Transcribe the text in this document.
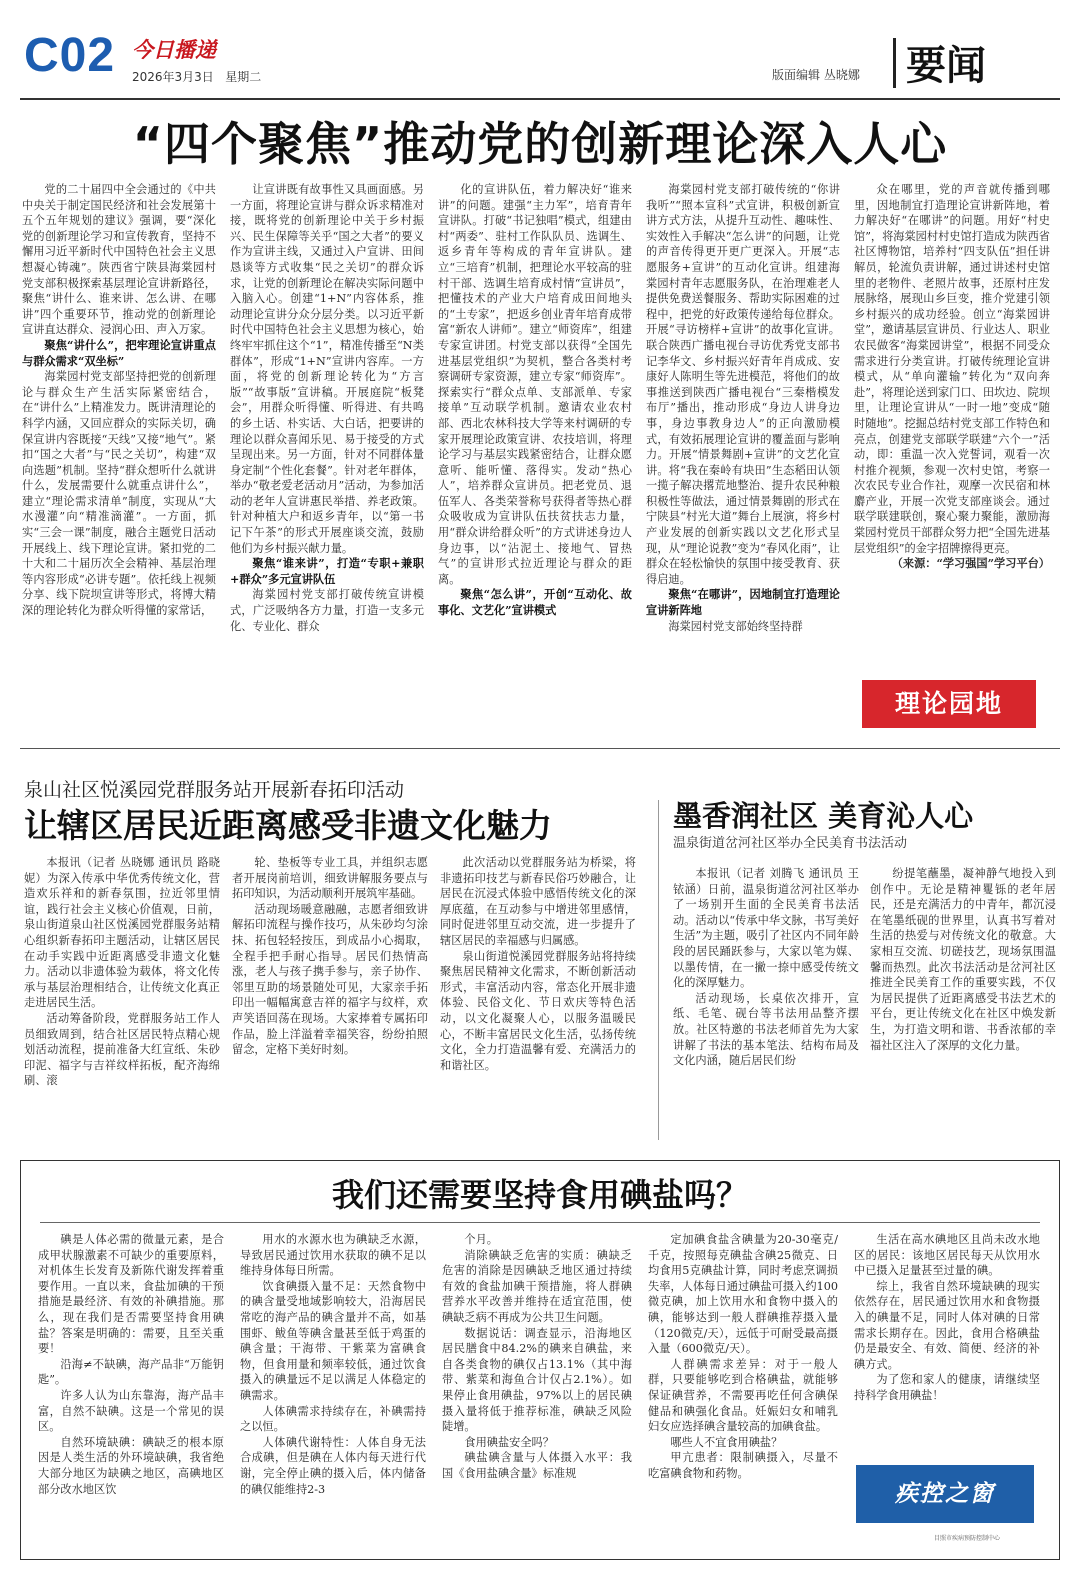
C02 今日播递
2026年3月3日 星期二	版面编辑 丛晓娜 要闻
“四个聚焦”推动党的创新理论深入人心

党的二十届四中全会通过的《中共中央关于制定国民经济和社会发展第十五个五年规划的建议》强调，要“深化党的创新理论学习和宣传教育，坚持不懈用习近平新时代中国特色社会主义思想凝心铸魂”。陕西省宁陕县海棠园村党支部积极探索基层理论宣讲新路径，聚焦“讲什么、谁来讲、怎么讲、在哪讲”四个重要环节，推动党的创新理论宣讲直达群众、浸润心田、声入万家。

聚焦“讲什么”，把牢理论宣讲重点与群众需求“双坐标”

海棠园村党支部坚持把党的创新理论与群众生产生活实际紧密结合，在“讲什么”上精准发力。既讲清理论的科学内涵，又回应群众的实际关切，确保宣讲内容既接“天线”又接“地气”。紧扣“国之大者”与“民之关切”，构建“双向选题”机制。坚持“群众想听什么就讲什么，发展需要什么就重点讲什么”，建立“理论需求清单”制度，实现从“大水漫灌”向“精准滴灌”。一方面，抓实“三会一课”制度，融合主题党日活动开展线上、线下理论宣讲。紧扣党的二十大和二十届历次全会精神、基层治理等内容形成“必讲专题”。依托线上视频分享、线下院坝宣讲等形式，将博大精深的理论转化为群众听得懂的家常话，

让宣讲既有故事性又具画面感。另一方面，将理论宣讲与群众诉求精准对接，既将党的创新理论中关于乡村振兴、民生保障等关乎“国之大者”的要义作为宣讲主线，又通过入户宣讲、田间恳谈等方式收集“民之关切”的群众诉求，让党的创新理论在解决实际问题中入脑入心。创建“1+N”内容体系，推动理论宣讲分众分层分类。以习近平新时代中国特色社会主义思想为核心，始终牢牢抓住这个“1”，精准传播至“N类群体”，形成“1+N”宣讲内容库。一方面，将党的创新理论转化为“方言版”“故事版”宣讲稿。开展庭院“板凳会”，用群众听得懂、听得进、有共鸣的乡土话、朴实话、大白话，把要讲的理论以群众喜闻乐见、易于接受的方式呈现出来。另一方面，针对不同群体量身定制“个性化套餐”。针对老年群体，举办“敬老爱老活动月”活动，为参加活动的老年人宣讲惠民举措、养老政策。针对种植大户和返乡青年，以“第一书记下午茶”的形式开展座谈交流，鼓励他们为乡村振兴献力量。

聚焦“谁来讲”，打造“专职+兼职+群众”多元宣讲队伍

海棠园村党支部打破传统宣讲模式，广泛吸纳各方力量，打造一支多元化、专业化、群众

化的宣讲队伍，着力解决好“谁来讲”的问题。建强“主力军”，培育青年宣讲队。打破“书记独唱”模式，组建由村“两委”、驻村工作队队员、选调生、返乡青年等构成的青年宣讲队。建立“三培育”机制，把理论水平较高的驻村干部、选调生培育成村情“宣讲员”，把懂技术的产业大户培育成田间地头的“土专家”，把返乡创业青年培育成带富“新农人讲师”。建立“师资库”，组建专家宣讲团。村党支部以获得“全国先进基层党组织”为契机，整合各类村考察调研专家资源，建立专家“师资库”。探索实行“群众点单、支部派单、专家接单”互动联学机制。邀请农业农村部、西北农林科技大学等来村调研的专家开展理论政策宣讲、农技培训，将理论学习与基层实践紧密结合，让群众愿意听、能听懂、落得实。发动“热心人”，培养群众宣讲员。把老党员、退伍军人、各类荣誉称号获得者等热心群众吸收成为宣讲队伍扶贫扶志力量，用“群众讲给群众听”的方式讲述身边人身边事，以“沾泥土、接地气、冒热气”的宣讲形式拉近理论与群众的距离。

聚焦“怎么讲”，开创“互动化、故事化、文艺化”宣讲模式

海棠园村党支部打破传统的“你讲我听”“照本宣科”式宣讲，积极创新宣讲方式方法，从提升互动性、趣味性、实效性入手解决“怎么讲”的问题，让党的声音传得更开更广更深入。开展“志愿服务+宣讲”的互动化宣讲。组建海棠园村青年志愿服务队，在治理难老人提供免费送餐服务、帮助实际困难的过程中，把党的好政策传递给每位群众。开展“寻访榜样+宣讲”的故事化宣讲。联合陕西广播电视台寻访优秀党支部书记李华文、乡村振兴好青年肖成成、安康好人陈明生等先进模范，将他们的故事推送到陕西广播电视台“三秦楷模发布厅”播出，推动形成“身边人讲身边事，身边事教身边人”的正向激励模式，有效拓展理论宣讲的覆盖面与影响力。开展“情景舞剧+宣讲”的文艺化宣讲。将“我在秦岭有块田”生态稻田认领一揽子解决撂荒地整治、提升农民种粮积极性等做法，通过情景舞剧的形式在宁陕县“村光大道”舞台上展演，将乡村产业发展的创新实践以文艺化形式呈现，从“理论说教”变为“春风化雨”，让群众在轻松愉快的氛围中接受教育、获得启迪。

聚焦“在哪讲”，因地制宜打造理论宣讲新阵地

海棠园村党支部始终坚持群

众在哪里，党的声音就传播到哪里，因地制宜打造理论宣讲新阵地，着力解决好“在哪讲”的问题。用好“村史馆”，将海棠园村村史馆打造成为陕西省社区博物馆，培养村“四支队伍”担任讲解员，轮流负责讲解，通过讲述村史馆里的老物件、老照片故事，还原村庄发展脉络，展现山乡巨变，推介党建引领乡村振兴的成功经验。创立“海棠园讲堂”，邀请基层宣讲员、行业达人、职业农民做客“海棠园讲堂”，根据不同受众需求进行分类宣讲。打破传统理论宣讲模式，从“单向灌输”转化为“双向奔赴”，将理论送到家门口、田坎边、院坝里，让理论宣讲从“一时一地”变成“随时随地”。挖掘总结村党支部工作特色和亮点，创建党支部联学联建“六个一”活动，即：重温一次入党誓词，观看一次村推介视频，参观一次村史馆，考察一次农民专业合作社，观摩一次民宿和林麝产业，开展一次党支部座谈会。通过联学联建联创，聚心聚力聚能，激励海棠园村党员干部群众努力把“全国先进基层党组织”的金字招牌擦得更亮。

（来源：“学习强国”学习平台）

理论园地
泉山社区悦溪园党群服务站开展新春拓印活动
让辖区居民近距离感受非遗文化魅力

本报讯（记者 丛晓娜 通讯员 路晓妮）为深入传承中华优秀传统文化，营造欢乐祥和的新春氛围，拉近邻里情谊，践行社会主义核心价值观，日前，泉山街道泉山社区悦溪园党群服务站精心组织新春拓印主题活动，让辖区居民在动手实践中近距离感受非遗文化魅力。活动以非遗体验为载体，将文化传承与基层治理相结合，让传统文化真正走进居民生活。

活动筹备阶段，党群服务站工作人员细致周到，结合社区居民特点精心规划活动流程，提前准备大红宣纸、朱砂印泥、福字与吉祥纹样拓板，配齐海绵刷、滚

轮、垫板等专业工具，并组织志愿者开展岗前培训，细致讲解服务要点与拓印知识，为活动顺利开展筑牢基础。

活动现场暖意融融，志愿者细致讲解拓印流程与操作技巧，从朱砂均匀涂抹、拓包轻轻按压，到成品小心揭取，全程手把手耐心指导。居民们热情高涨，老人与孩子携手参与，亲子协作、邻里互助的场景随处可见，大家亲手拓印出一幅幅寓意吉祥的福字与纹样，欢声笑语回荡在现场。大家捧着专属拓印作品，脸上洋溢着幸福笑容，纷纷拍照留念，定格下美好时刻。

此次活动以党群服务站为桥梁，将非遗拓印技艺与新春民俗巧妙融合，让居民在沉浸式体验中感悟传统文化的深厚底蕴，在互动参与中增进邻里感情，同时促进邻里互动交流，进一步提升了辖区居民的幸福感与归属感。

泉山街道悦溪园党群服务站将持续聚焦居民精神文化需求，不断创新活动形式，丰富活动内容，常态化开展非遗体验、民俗文化、节日欢庆等特色活动，以文化凝聚人心，以服务温暖民心，不断丰富居民文化生活，弘扬传统文化，全力打造温馨有爱、充满活力的和谐社区。

墨香润社区 美育沁人心
温泉街道岔河社区举办全民美育书法活动

本报讯（记者 刘腾飞 通讯员 王铱涵）日前，温泉街道岔河社区举办了一场别开生面的全民美育书法活动。活动以“传承中华文脉，书写美好生活”为主题，吸引了社区内不同年龄段的居民踊跃参与，大家以笔为媒、以墨传情，在一撇一捺中感受传统文化的深厚魅力。

活动现场，长桌依次排开，宣纸、毛笔、砚台等书法用品整齐摆放。社区特邀的书法老师首先为大家讲解了书法的基本笔法、结构布局及文化内涵，随后居民们纷

纷提笔蘸墨，凝神静气地投入到创作中。无论是精神矍铄的老年居民，还是充满活力的中青年，都沉浸在笔墨纸砚的世界里，认真书写着对生活的热爱与对传统文化的敬意。大家相互交流、切磋技艺，现场氛围温馨而热烈。此次书法活动是岔河社区推进全民美育工作的重要实践，不仅为居民提供了近距离感受书法艺术的平台，更让传统文化在社区中焕发新生，为打造文明和谐、书香浓郁的幸福社区注入了深厚的文化力量。

我们还需要坚持食用碘盐吗？

碘是人体必需的微量元素，是合成甲状腺激素不可缺少的重要原料，对机体生长发育及新陈代谢发挥着重要作用。一直以来，食盐加碘的干预措施是最经济、有效的补碘措施。那么，现在我们是否需要坚持食用碘盐？答案是明确的：需要，且至关重要！

沿海≠不缺碘，海产品非“万能钥匙”。

许多人认为山东靠海，海产品丰富，自然不缺碘。这是一个常见的误区。

自然环境缺碘：碘缺乏的根本原因是人类生活的外环境缺碘，我省绝大部分地区为缺碘之地区，高碘地区部分改水地区饮

用水的水源水也为碘缺乏水源，导致居民通过饮用水获取的碘不足以维持身体每日所需。

饮食碘摄入量不足：天然食物中的碘含量受地域影响较大，沿海居民常吃的海产品的碘含量并不高，如基围虾、鲅鱼等碘含量甚至低于鸡蛋的碘含量；干海带、干紫菜为富碘食物，但食用量和频率较低，通过饮食摄入的碘量远不足以满足人体稳定的碘需求。

人体碘需求持续存在，补碘需持之以恒。

人体碘代谢特性：人体自身无法合成碘，但是碘在人体内每天进行代谢，完全停止碘的摄入后，体内储备的碘仅能维持2-3

个月。

消除碘缺乏危害的实质：碘缺乏危害的消除是因碘缺乏地区通过持续有效的食盐加碘干预措施，将人群碘营养水平改善并维持在适宜范围，使碘缺乏病不再成为公共卫生问题。

数据说话：调查显示，沿海地区居民膳食中84.2%的碘来自碘盐，来自各类食物的碘仅占13.1%（其中海带、紫菜和海鱼合计仅占2.1%）。如果停止食用碘盐，97%以上的居民碘摄入量将低于推荐标准，碘缺乏风险陡增。

食用碘盐安全吗？

碘盐碘含量与人体摄入水平：我国《食用盐碘含量》标准规

定加碘食盐含碘量为20-30毫克/千克，按照每克碘盐含碘25微克、日均食用5克碘盐计算，同时考虑烹调损失率，人体每日通过碘盐可摄入约100微克碘，加上饮用水和食物中摄入的碘，能够达到一般人群碘推荐摄入量（120微克/天），远低于可耐受最高摄入量（600微克/天）。

人群碘需求差异：对于一般人群，只要能够吃到合格碘盐，就能够保证碘营养，不需要再吃任何含碘保健品和碘强化食品。妊娠妇女和哺乳妇女应选择碘含量较高的加碘食盐。

哪些人不宜食用碘盐？

甲亢患者：限制碘摄入，尽量不吃富碘食物和药物。

生活在高水碘地区且尚未改水地区的居民：该地区居民每天从饮用水中已摄入足量甚至过量的碘。

综上，我省自然环境缺碘的现实依然存在，居民通过饮用水和食物摄入的碘量不足，同时人体对碘的日常需求长期存在。因此，食用合格碘盐仍是最安全、有效、简便、经济的补碘方式。

为了您和家人的健康，请继续坚持科学食用碘盐！

疾控之窗
目照市疾病预防控制中心
